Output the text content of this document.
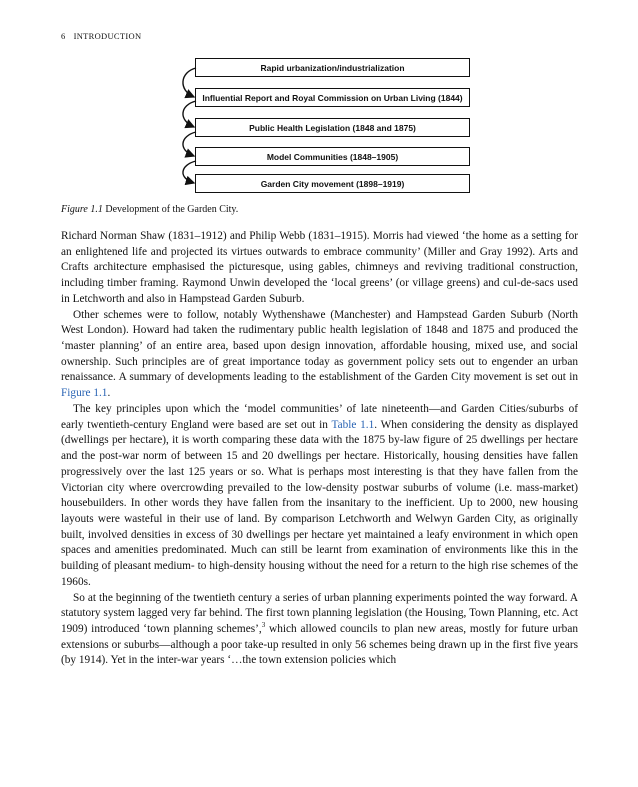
6 INTRODUCTION
Rapid urbanization/industrialization
Influential Report and Royal Commission on Urban Living (1844)
Public Health Legislation (1848 and 1875)
Model Communities (1848–1905)
Garden City movement (1898–1919)
Figure 1.1 Development of the Garden City.

Richard Norman Shaw (1831–1912) and Philip Webb (1831–1915). Morris had viewed ‘the home as a setting for an enlightened life and projected its virtues outwards to embrace community’ (Miller and Gray 1992). Arts and Crafts architecture emphasised the picturesque, using gables, chimneys and reviving traditional construction, including timber framing. Raymond Unwin developed the ‘local greens’ (or village greens) and cul-de-sacs used in Letchworth and also in Hampstead Garden Suburb.

Other schemes were to follow, notably Wythenshawe (Manchester) and Hampstead Garden Suburb (North West London). Howard had taken the rudimentary public health legislation of 1848 and 1875 and produced the ‘master planning’ of an entire area, based upon design innovation, affordable housing, mixed use, and social ownership. Such principles are of great importance today as government policy sets out to engender an urban renaissance. A summary of developments leading to the establishment of the Garden City movement is set out in Figure 1.1.

The key principles upon which the ‘model communities’ of late nineteenth—and Garden Cities/suburbs of early twentieth-century England were based are set out in Table 1.1. When considering the density as displayed (dwellings per hectare), it is worth comparing these data with the 1875 by-law figure of 25 dwellings per hectare and the post-war norm of between 15 and 20 dwellings per hectare. Historically, housing densities have fallen progressively over the last 125 years or so. What is perhaps most interesting is that they have fallen from the Victorian city where overcrowding prevailed to the low-density postwar suburbs of volume (i.e. mass-market) housebuilders. In other words they have fallen from the insanitary to the inefficient. Up to 2000, new housing layouts were wasteful in their use of land. By comparison Letchworth and Welwyn Garden City, as originally built, involved densities in excess of 30 dwellings per hectare yet maintained a leafy environment in which open spaces and amenities predominated. Much can still be learnt from examination of environments like this in the building of pleasant medium- to high-density housing without the need for a return to the high rise schemes of the 1960s.

So at the beginning of the twentieth century a series of urban planning experiments pointed the way forward. A statutory system lagged very far behind. The first town planning legislation (the Housing, Town Planning, etc. Act 1909) introduced ‘town planning schemes’,$^3$ which allowed councils to plan new areas, mostly for future urban extensions or suburbs—although a poor take-up resulted in only 56 schemes being drawn up in the first five years (by 1914). Yet in the inter-war years ‘…the town extension policies which
